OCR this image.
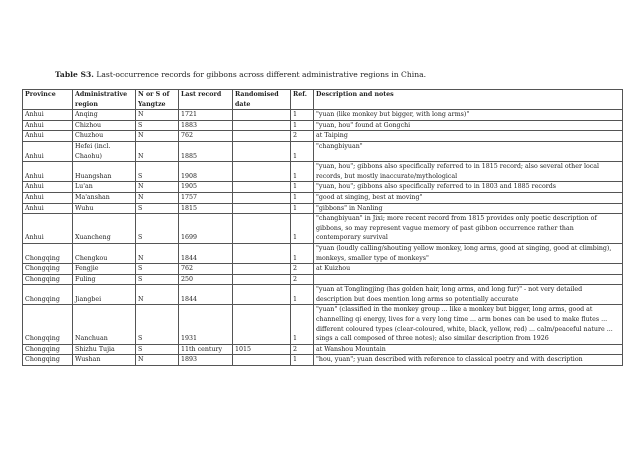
Table S3. Last-occurrence records for gibbons across different administrative regions in China.
Province	Administrative region	N or S of Yangtze	Last record	Randomised date	Ref.	Description and notes
Anhui	Anqing	N	1721		1	"yuan (like monkey but bigger, with long arms)"
Anhui	Chizhou	S	1883		1	"yuan, hou" found at Gongchi
Anhui	Chuzhou	N	762		2	at Taiping
Anhui	Hefei (incl. Chaohu)	N	1885		1	"changbiyuan"
Anhui	Huangshan	S	1908		1	"yuan, hou"; gibbons also specifically referred to in 1815 record; also several other local records, but mostly inaccurate/mythological
Anhui	Lu'an	N	1905		1	"yuan, hou"; gibbons also specifically referred to in 1803 and 1885 records
Anhui	Ma'anshan	N	1757		1	"good at singing, best at moving"
Anhui	Wuhu	S	1815		1	"gibbons" in Nanling
Anhui	Xuancheng	S	1699		1	"changbiyuan" in Jixi; more recent record from 1815 provides only poetic description of gibbons, so may represent vague memory of past gibbon occurrence rather than contemporary survival
Chongqing	Chengkou	N	1844		1	"yuan (loudly calling/shouting yellow monkey, long arms, good at singing, good at climbing), monkeys, smaller type of monkeys"
Chongqing	Fengjie	S	762		2	at Kuizhou
Chongqing	Fuling	S	250		2	
Chongqing	Jiangbei	N	1844		1	"yuan at Tonglingjing (has golden hair, long arms, and long fur)" - not very detailed description but does mention long arms so potentially accurate
Chongqing	Nanchuan	S	1931		1	"yuan" (classified in the monkey group ... like a monkey but bigger, long arms, good at channelling qi energy, lives for a very long time ... arm bones can be used to make flutes ... different coloured types (clear-coloured, white, black, yellow, red) ... calm/peaceful nature ... sings a call composed of three notes); also similar description from 1926
Chongqing	Shizhu Tujia	S	11th century	1015	2	at Wanshou Mountain
Chongqing	Wushan	N	1893		1	"hou, yuan"; yuan described with reference to classical poetry and with description
